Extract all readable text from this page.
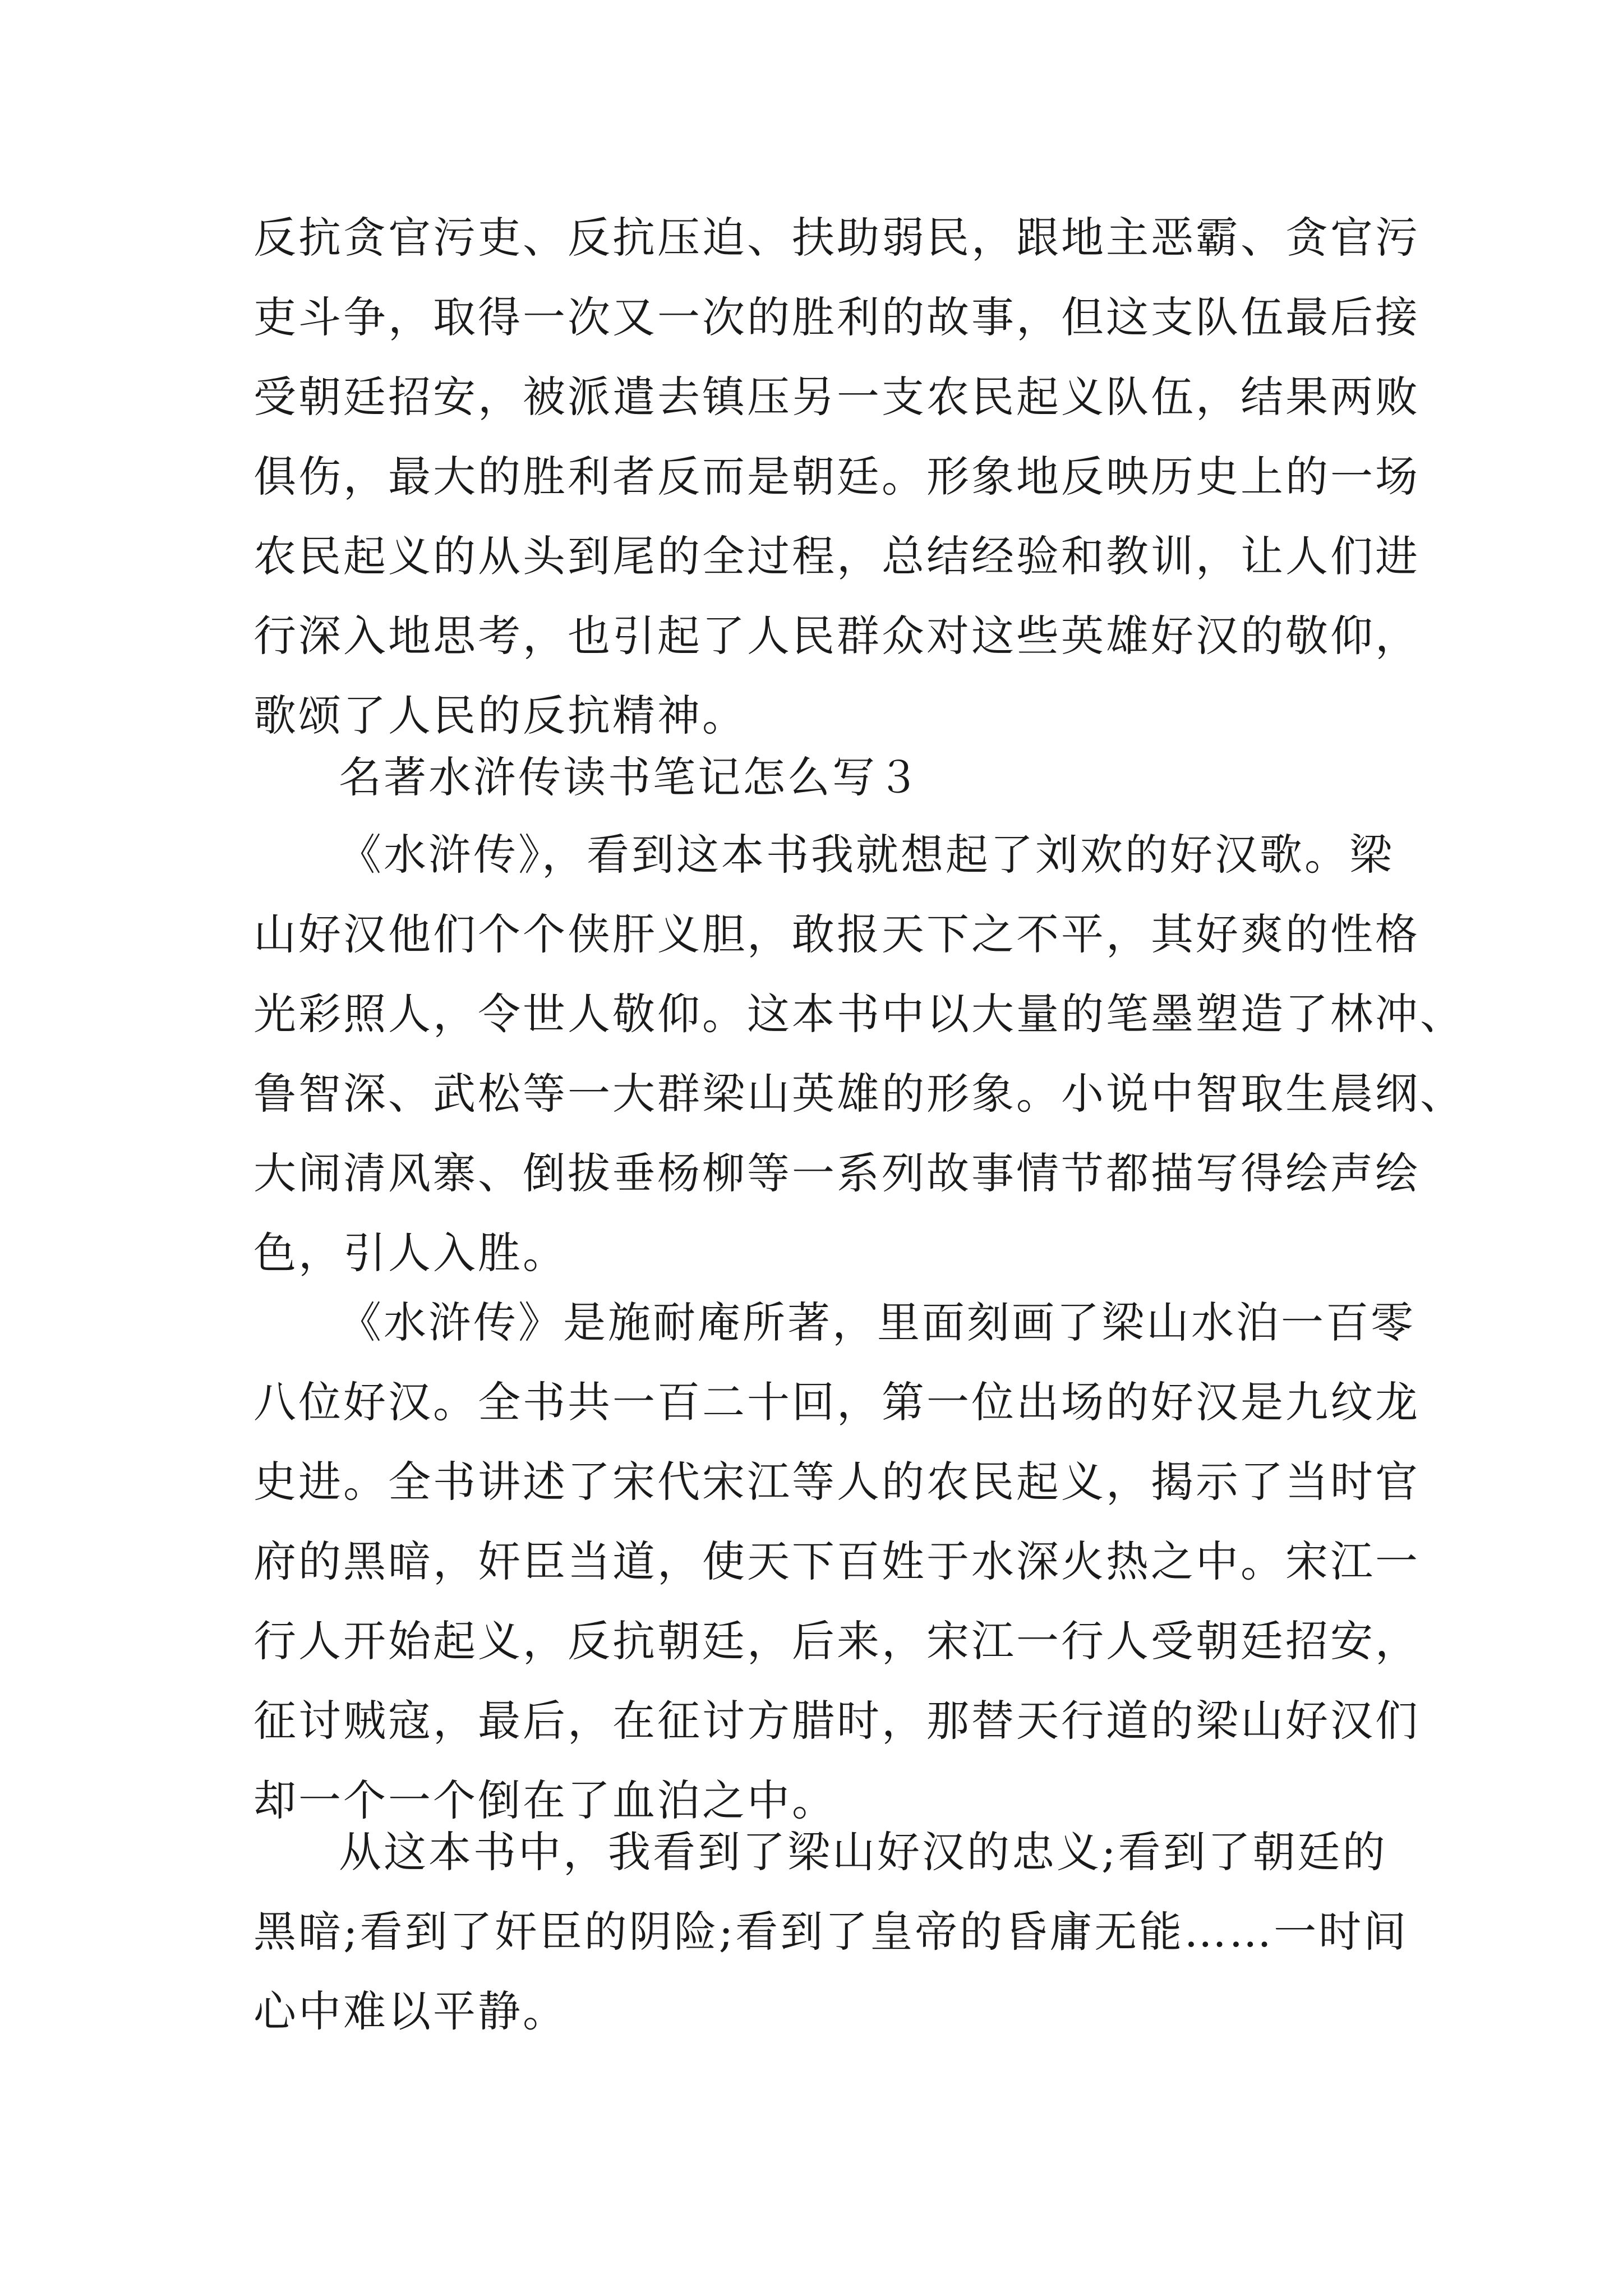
反抗贪官污吏、反抗压迫、扶助弱民，跟地主恶霸、贪官污
吏斗争，取得一次又一次的胜利的故事，但这支队伍最后接
受朝廷招安，被派遣去镇压另一支农民起义队伍，结果两败
俱伤，最大的胜利者反而是朝廷。形象地反映历史上的一场
农民起义的从头到尾的全过程，总结经验和教训，让人们进
行深入地思考，也引起了人民群众对这些英雄好汉的敬仰，
歌颂了人民的反抗精神。
名著水浒传读书笔记怎么写３
《水浒传》，看到这本书我就想起了刘欢的好汉歌。梁
山好汉他们个个侠肝义胆，敢报天下之不平，其好爽的性格
光彩照人，令世人敬仰。这本书中以大量的笔墨塑造了林冲、
鲁智深、武松等一大群梁山英雄的形象。小说中智取生晨纲、
大闹清风寨、倒拔垂杨柳等一系列故事情节都描写得绘声绘
色，引人入胜。
《水浒传》是施耐庵所著，里面刻画了梁山水泊一百零
八位好汉。全书共一百二十回，第一位出场的好汉是九纹龙
史进。全书讲述了宋代宋江等人的农民起义，揭示了当时官
府的黑暗，奸臣当道，使天下百姓于水深火热之中。宋江一
行人开始起义，反抗朝廷，后来，宋江一行人受朝廷招安，
征讨贼寇，最后，在征讨方腊时，那替天行道的梁山好汉们
却一个一个倒在了血泊之中。
从这本书中，我看到了梁山好汉的忠义;看到了朝廷的
黑暗;看到了奸臣的阴险;看到了皇帝的昏庸无能……一时间
心中难以平静。
